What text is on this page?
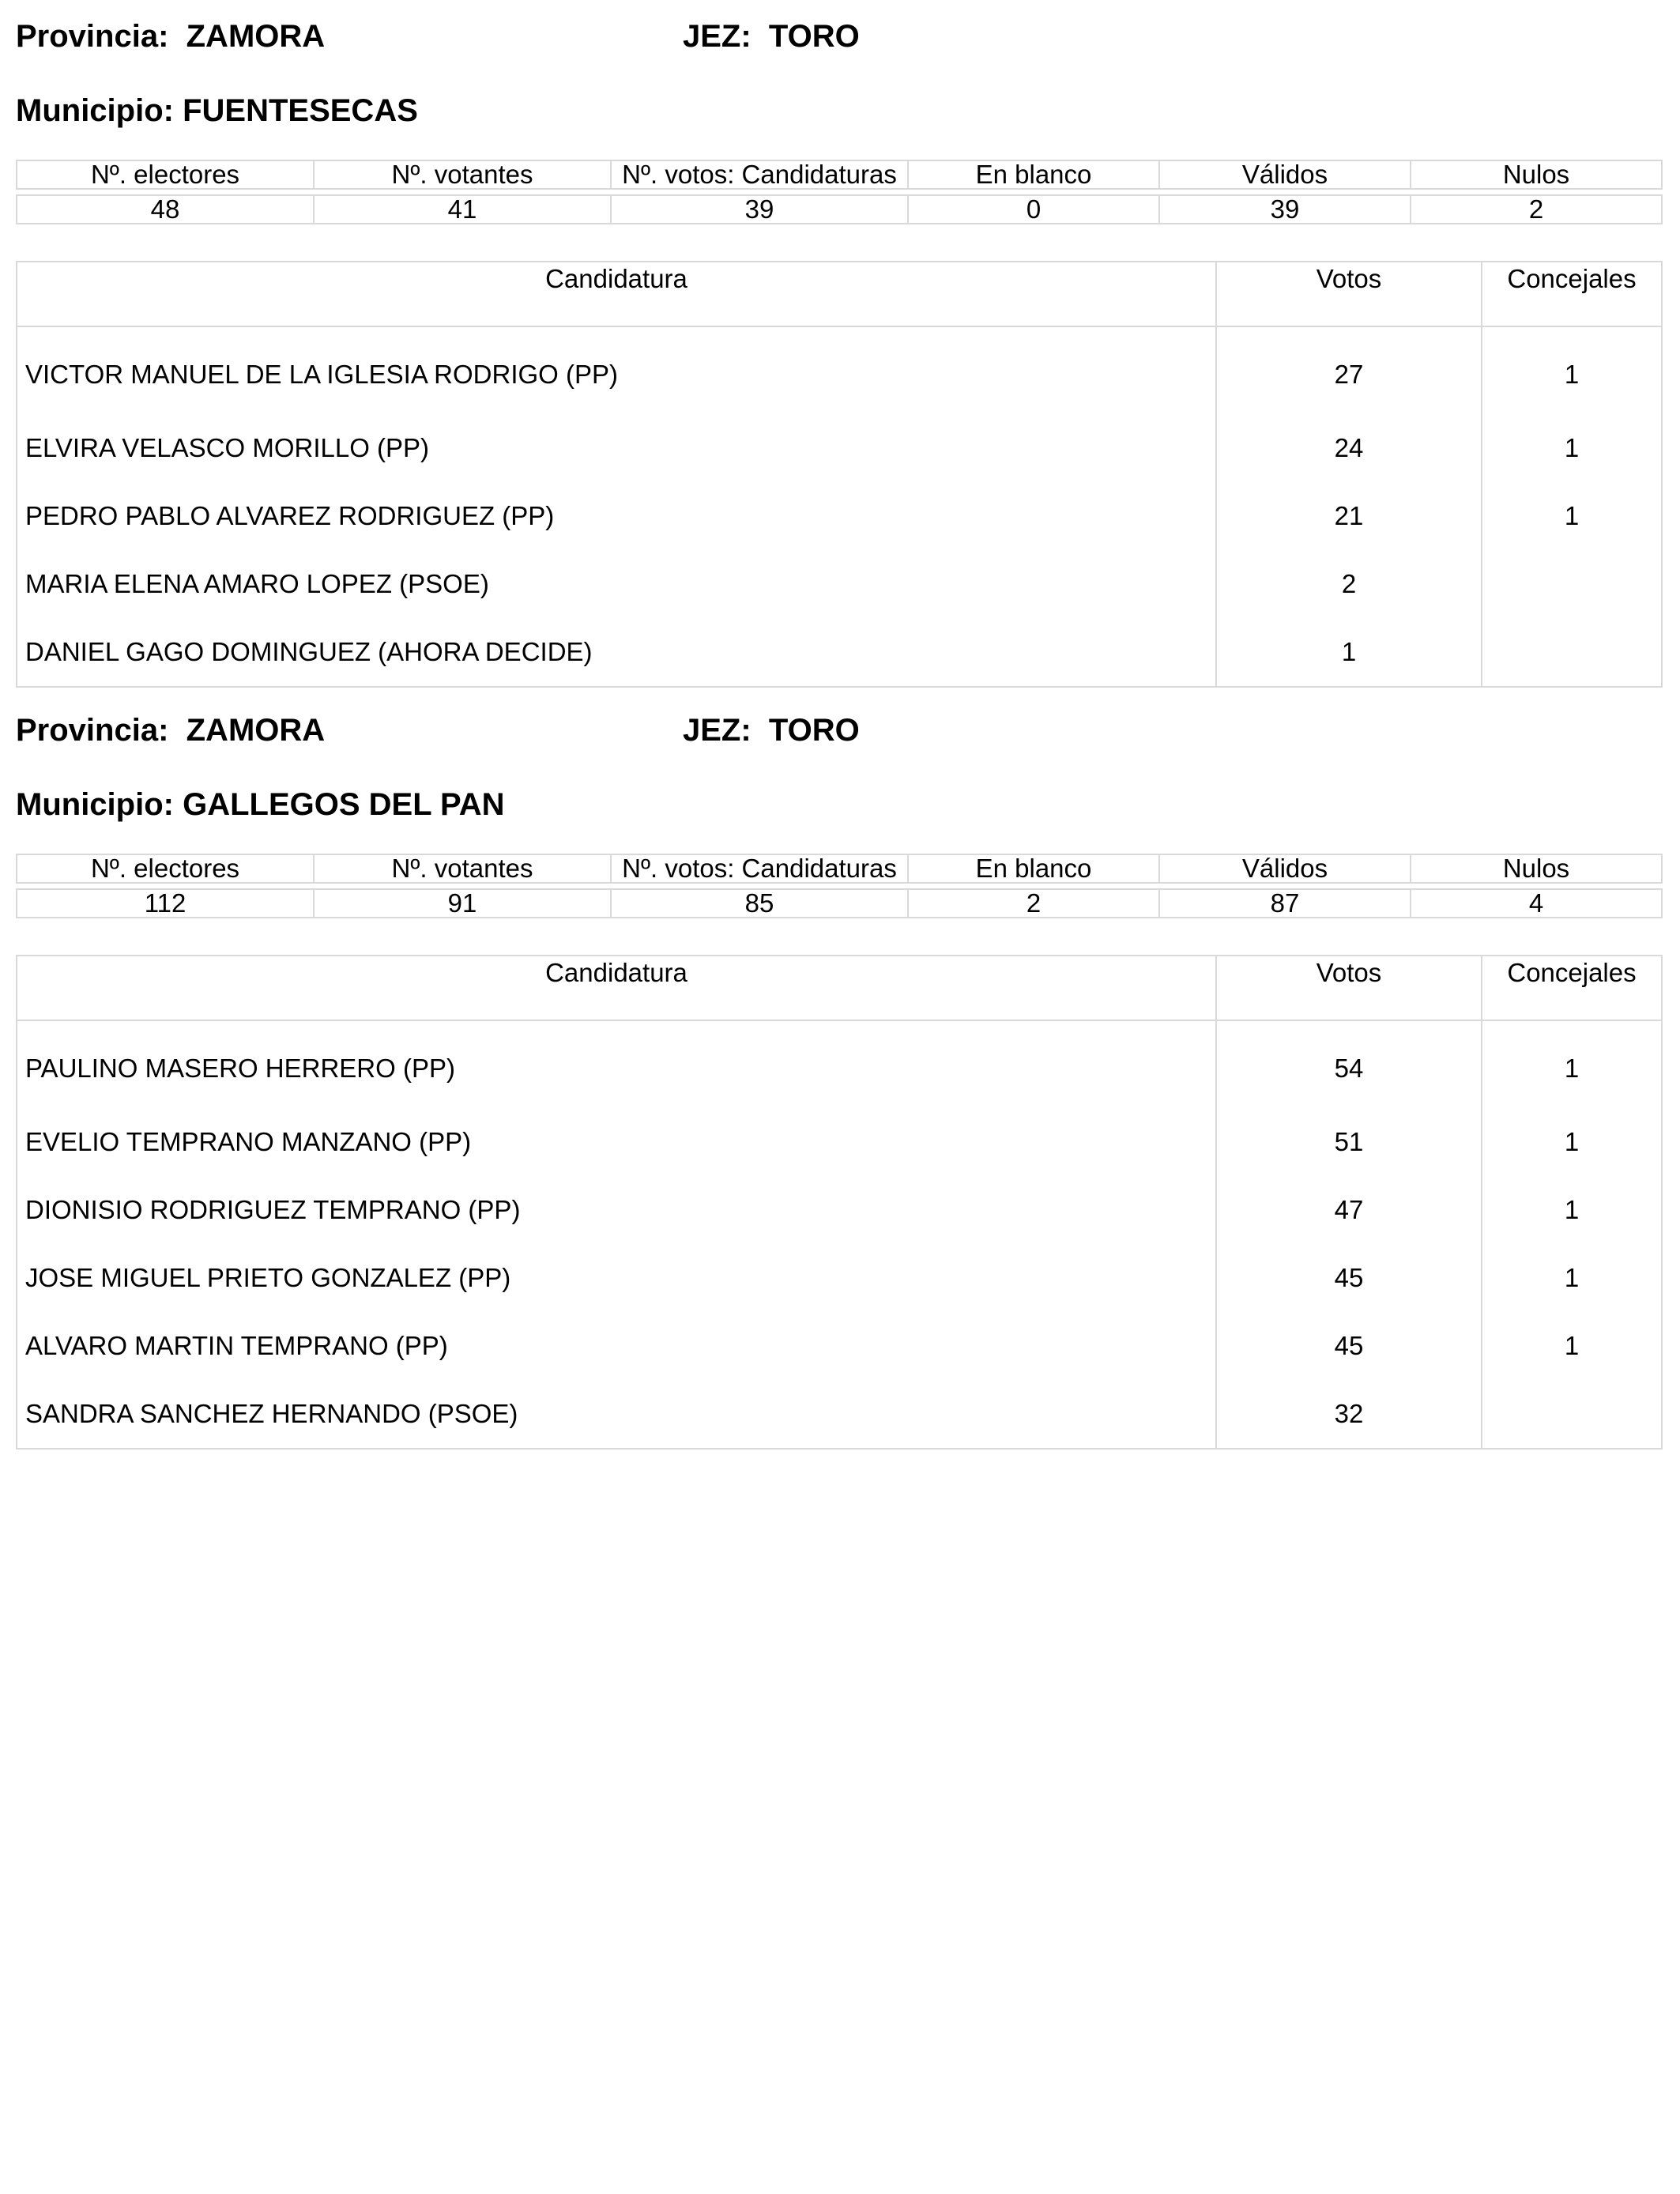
Provincia:  ZAMORA	JEZ:  TORO
Municipio: FUENTESECAS
Nº. electores	Nº. votantes	Nº. votos: Candidaturas	En blanco	Válidos	Nulos

48	41	39	0	39	2
Candidatura	Votos	Concejales
VICTOR MANUEL DE LA IGLESIA RODRIGO (PP)	27	1
ELVIRA VELASCO MORILLO (PP)	24	1
PEDRO PABLO ALVAREZ RODRIGUEZ (PP)	21	1
MARIA ELENA AMARO LOPEZ (PSOE)	2	
DANIEL GAGO DOMINGUEZ (AHORA DECIDE)	1	
Provincia:  ZAMORA	JEZ:  TORO
Municipio: GALLEGOS DEL PAN
Nº. electores	Nº. votantes	Nº. votos: Candidaturas	En blanco	Válidos	Nulos

112	91	85	2	87	4
Candidatura	Votos	Concejales
PAULINO MASERO HERRERO (PP)	54	1
EVELIO TEMPRANO MANZANO (PP)	51	1
DIONISIO RODRIGUEZ TEMPRANO (PP)	47	1
JOSE MIGUEL PRIETO GONZALEZ (PP)	45	1
ALVARO MARTIN TEMPRANO (PP)	45	1
SANDRA SANCHEZ HERNANDO (PSOE)	32	
